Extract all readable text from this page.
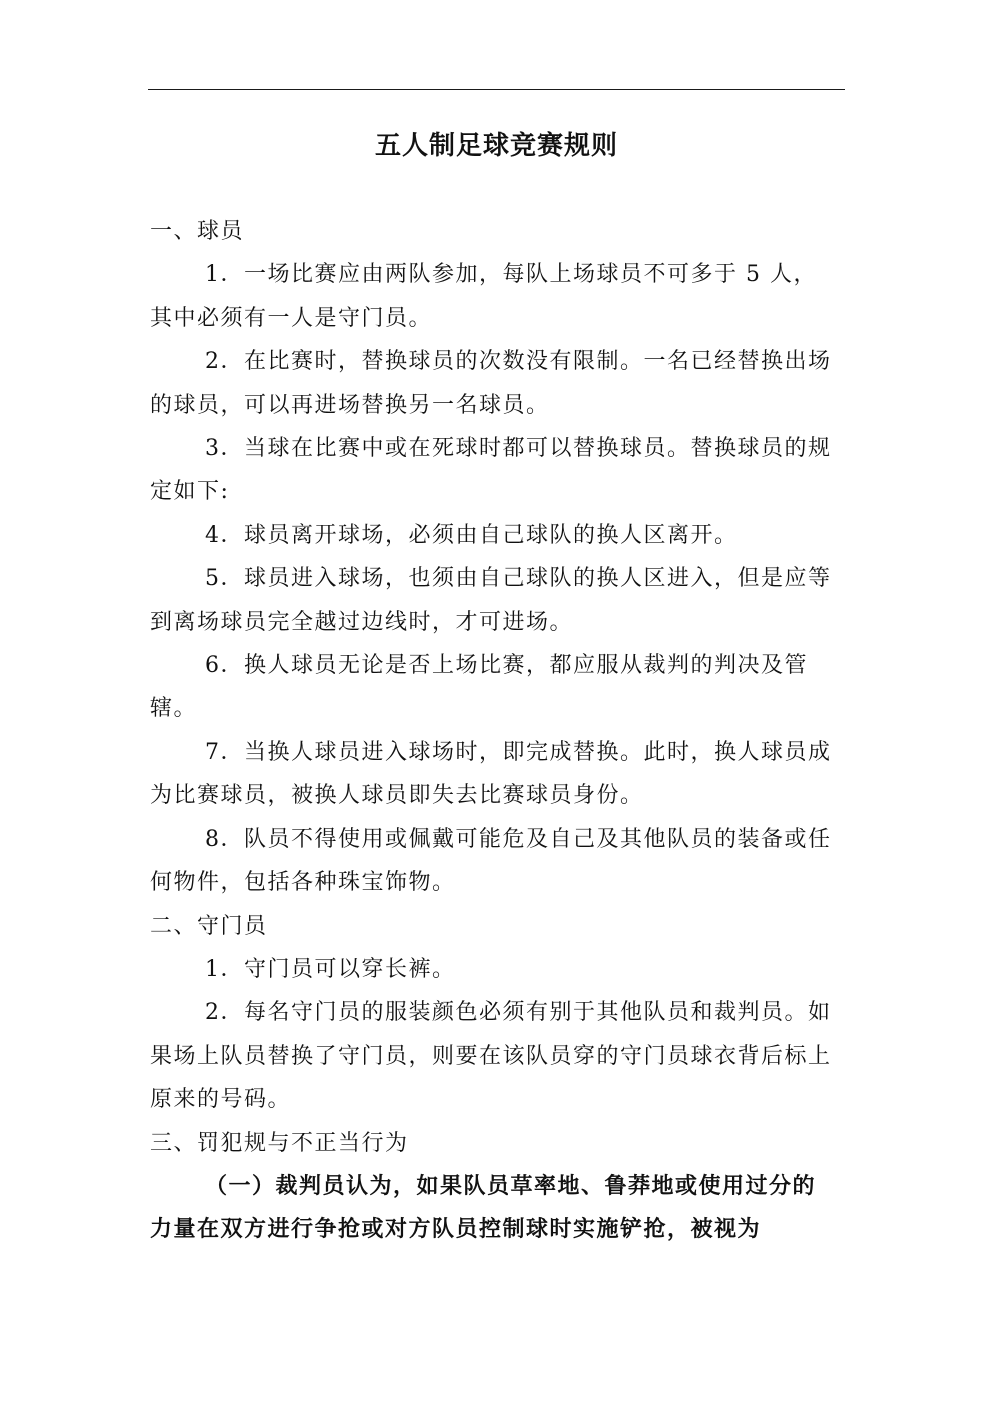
五人制足球竞赛规则
一、球员

1．一场比赛应由两队参加，每队上场球员不可多于 5 人，其中必须有一人是守门员。

2．在比赛时，替换球员的次数没有限制。一名已经替换出场的球员，可以再进场替换另一名球员。

3．当球在比赛中或在死球时都可以替换球员。替换球员的规定如下:

4．球员离开球场，必须由自己球队的换人区离开。

5．球员进入球场，也须由自己球队的换人区进入，但是应等到离场球员完全越过边线时，才可进场。

6．换人球员无论是否上场比赛，都应服从裁判的判决及管辖。

7．当换人球员进入球场时，即完成替换。此时，换人球员成为比赛球员，被换人球员即失去比赛球员身份。

8．队员不得使用或佩戴可能危及自己及其他队员的装备或任何物件，包括各种珠宝饰物。

二、守门员

1．守门员可以穿长裤。

2．每名守门员的服装颜色必须有别于其他队员和裁判员。如果场上队员替换了守门员，则要在该队员穿的守门员球衣背后标上原来的号码。

三、罚犯规与不正当行为

（一）裁判员认为，如果队员草率地、鲁莽地或使用过分的力量在双方进行争抢或对方队员控制球时实施铲抢，被视为
